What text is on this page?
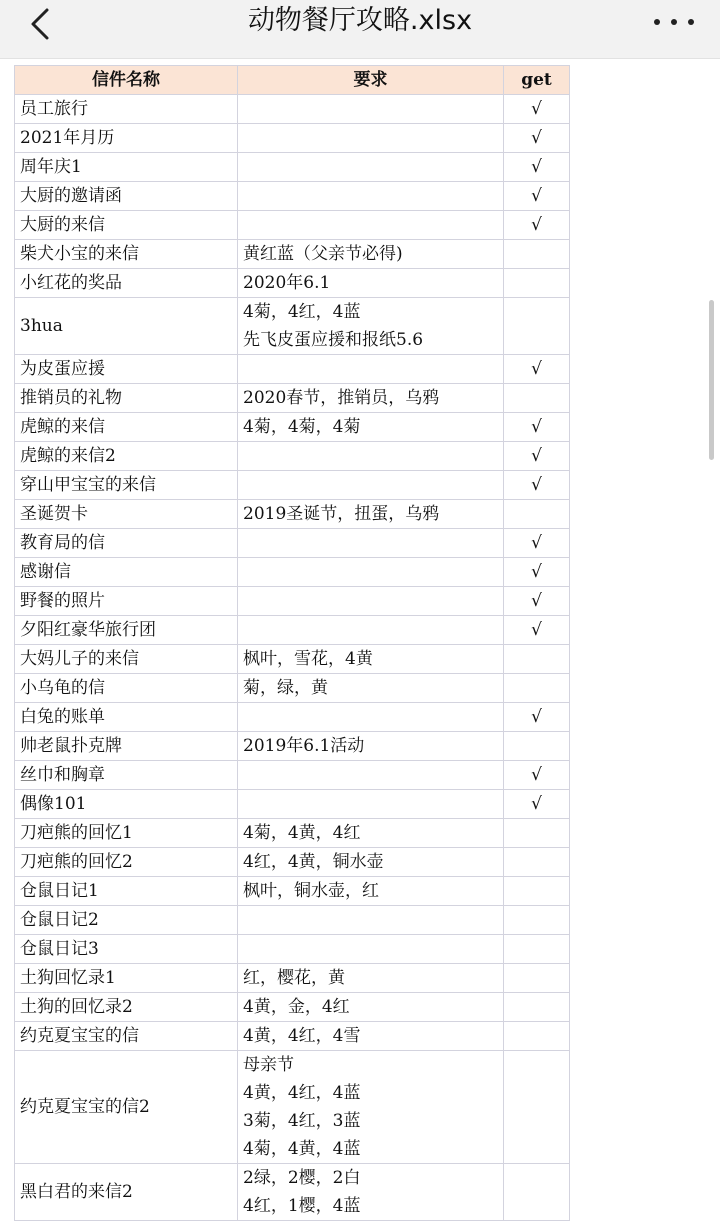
动物餐厅攻略.xlsx
信件名称	要求	get
员工旅行		√
2021年月历		√
周年庆1		√
大厨的邀请函		√
大厨的来信		√
柴犬小宝的来信	黄红蓝（父亲节必得)	

小红花的奖品	2020年6.1	

3hua	4菊，4红，4蓝
先飞皮蛋应援和报纸5.6	

为皮蛋应援		√
推销员的礼物	2020春节，推销员，乌鸦	

虎鲸的来信	4菊，4菊，4菊	√
虎鲸的来信2		√
穿山甲宝宝的来信		√
圣诞贺卡	2019圣诞节，扭蛋，乌鸦	

教育局的信		√
感谢信		√
野餐的照片		√
夕阳红豪华旅行团		√
大妈儿子的来信	枫叶，雪花，4黄	

小乌龟的信	菊，绿，黄	

白兔的账单		√
帅老鼠扑克牌	2019年6.1活动	

丝巾和胸章		√
偶像101		√
刀疤熊的回忆1	4菊，4黄，4红	

刀疤熊的回忆2	4红，4黄，铜水壶	

仓鼠日记1	枫叶，铜水壶，红	

仓鼠日记2		
仓鼠日记3		
土狗回忆录1	红，樱花，黄	

土狗的回忆录2	4黄，金，4红	

约克夏宝宝的信	4黄，4红，4雪	

约克夏宝宝的信2	母亲节
4黄，4红，4蓝
3菊，4红，3蓝
4菊，4黄，4蓝	

黑白君的来信2	2绿，2樱，2白
4红，1樱，4蓝	
